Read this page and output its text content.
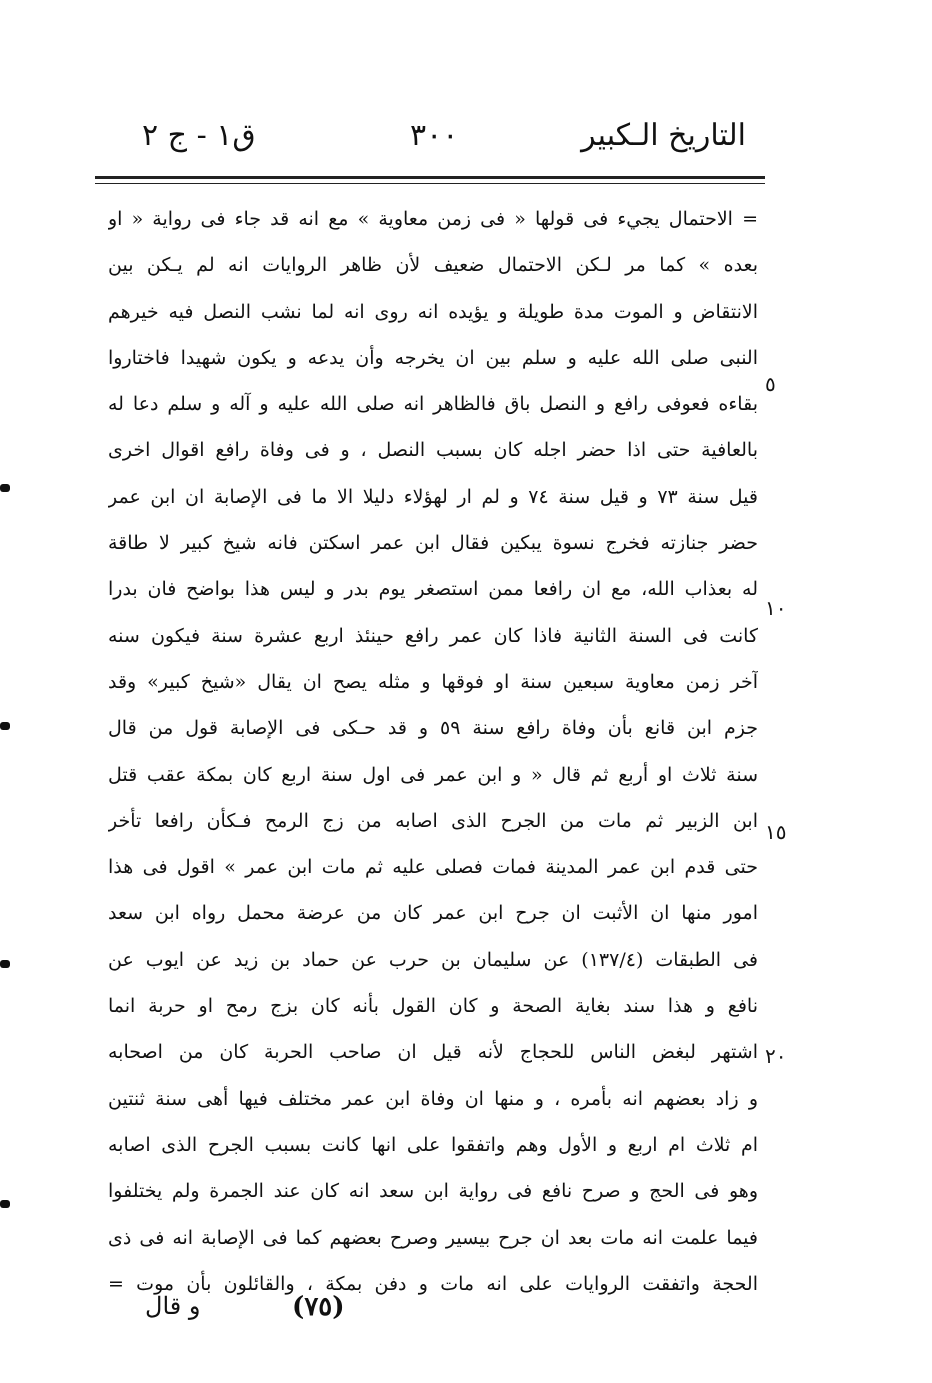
التاريخ الـكبير
٣٠٠
ق١ - ج ٢
= الاحتمال يجيء فى قولها « فى زمن معاوية » مع انه قد جاء فى رواية « او
بعده » كما مر لـكن الاحتمال ضعيف لأن ظاهر الروايات انه لم يـكن بين
الانتقاض و الموت مدة طويلة و يؤيده انه روى انه لما نشب النصل فيه خيرهم
النبى صلى الله عليه و سلم بين ان يخرجه وأن يدعه و يكون شهيدا فاختاروا
بقاءه فعوفى رافع و النصل باق فالظاهر انه صلى الله عليه و آله و سلم دعا له
بالعافية حتى اذا حضر اجله كان بسبب النصل ، و فى وفاة رافع اقوال اخرى
قيل سنة ٧٣ و قيل سنة ٧٤ و لم ار لهؤلاء دليلا الا ما فى الإصابة ان ابن عمر
حضر جنازته فخرج نسوة يبكين فقال ابن عمر اسكتن فانه شيخ كبير لا طاقة
له بعذاب الله، مع ان رافعا ممن استصغر يوم بدر و ليس هذا بواضح فان بدرا
كانت فى السنة الثانية فاذا كان عمر رافع حينئذ اربع عشرة سنة فيكون سنه
آخر زمن معاوية سبعين سنة او فوقها و مثله يصح ان يقال «شيخ كبير» وقد
جزم ابن قانع بأن وفاة رافع سنة ٥٩ و قد حـكى فى الإصابة قول من قال
سنة ثلاث او أربع ثم قال « و ابن عمر فى اول سنة اربع كان بمكة عقب قتل
ابن الزبير ثم مات من الجرح الذى اصابه من زج الرمح فـكأن رافعا تأخر
حتى قدم ابن عمر المدينة فمات فصلى عليه ثم مات ابن عمر » اقول فى هذا
امور منها ان الأثبت ان جرح ابن عمر كان من عرضة محمل رواه ابن سعد
فى الطبقات (١٣٧/٤) عن سليمان بن حرب عن حماد بن زيد عن ايوب عن
نافع و هذا سند بغاية الصحة و كان القول بأنه كان بزج رمح او حربة انما
اشتهر لبغض الناس للحجاج لأنه قيل ان صاحب الحربة كان من اصحابه
و زاد بعضهم انه بأمره ، و منها ان وفاة ابن عمر مختلف فيها أهى سنة ثنتين
ام ثلاث ام اربع و الأول وهم واتفقوا على انها كانت بسبب الجرح الذى اصابه
وهو فى الحج و صرح نافع فى رواية ابن سعد انه كان عند الجمرة ولم يختلفوا
فيما علمت انه مات بعد ان جرح بيسير وصرح بعضهم كما فى الإصابة انه فى ذى
الحجة واتفقت الروايات على انه مات و دفن بمكة ، والقائلون بأن موت =
٥
١٠
١٥
٢٠
(٧٥)
و قال
